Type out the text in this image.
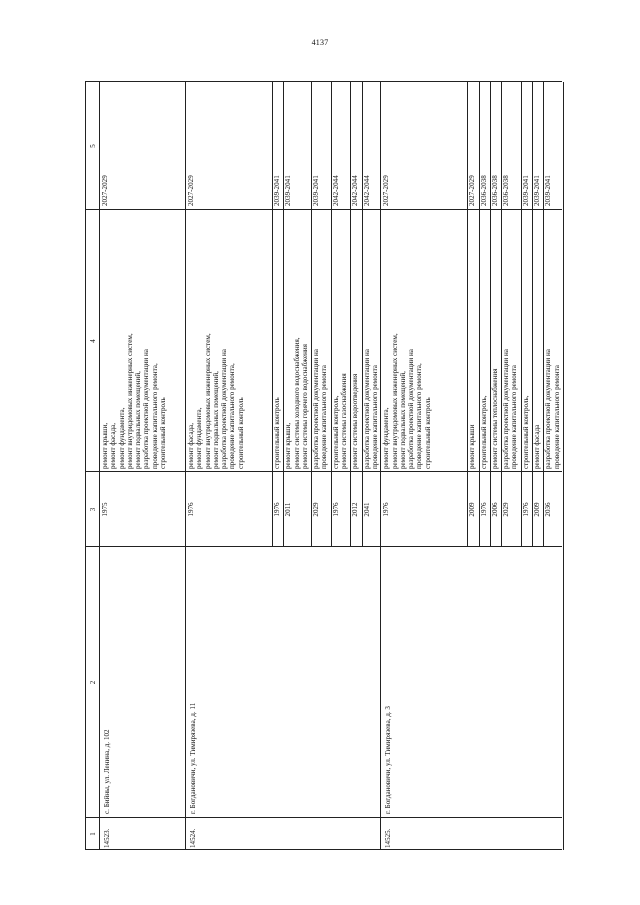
4137
1
2
3
4
5
14523.
с. Бийны, ул. Ленина, д. 102
1975
ремонт крыши, ремонт фасада, ремонт фундамента, ремонт внутридомовых инженерных систем, ремонт подвальных помещений, разработка проектной документации на проведение капитального ремонта, строительный контроль
2027-2029
14524.
г. Богдановичи, ул. Тимирязева, д. 11
1976
ремонт фасада, ремонт фундамента, ремонт внутридомовых инженерных систем, ремонт подвальных помещений, разработка проектной документации на проведение капитального ремонта, строительный контроль
2027-2029
1976
строительный контроль
2039-2041
2011
ремонт крыши, ремонт системы холодного водоснабжения, ремонт системы горячего водоснабжения
2039-2041
2029
разработка проектной документации на проведение капитального ремонта
2039-2041
1976
строительный контроль, ремонт системы газоснабжения
2042-2044
2012
ремонт системы водоотведения
2042-2044
2041
разработка проектной документации на проведение капитального ремонта
2042-2044
14525.
г. Богдановичи, ул. Тимирязева, д. 3
1976
ремонт фундамента, ремонт внутридомовых инженерных систем, ремонт подвальных помещений, разработка проектной документации на проведение капитального ремонта, строительный контроль
2027-2029
2009
ремонт крыши
2027-2029
1976
строительный контроль,
2036-2038
2006
ремонт системы теплоснабжения
2036-2038
2029
разработка проектной документации на проведение капитального ремонта
2036-2038
1976
строительный контроль,
2039-2041
2009
ремонт фасада
2039-2041
2036
разработка проектной документации на проведение капитального ремонта
2039-2041
